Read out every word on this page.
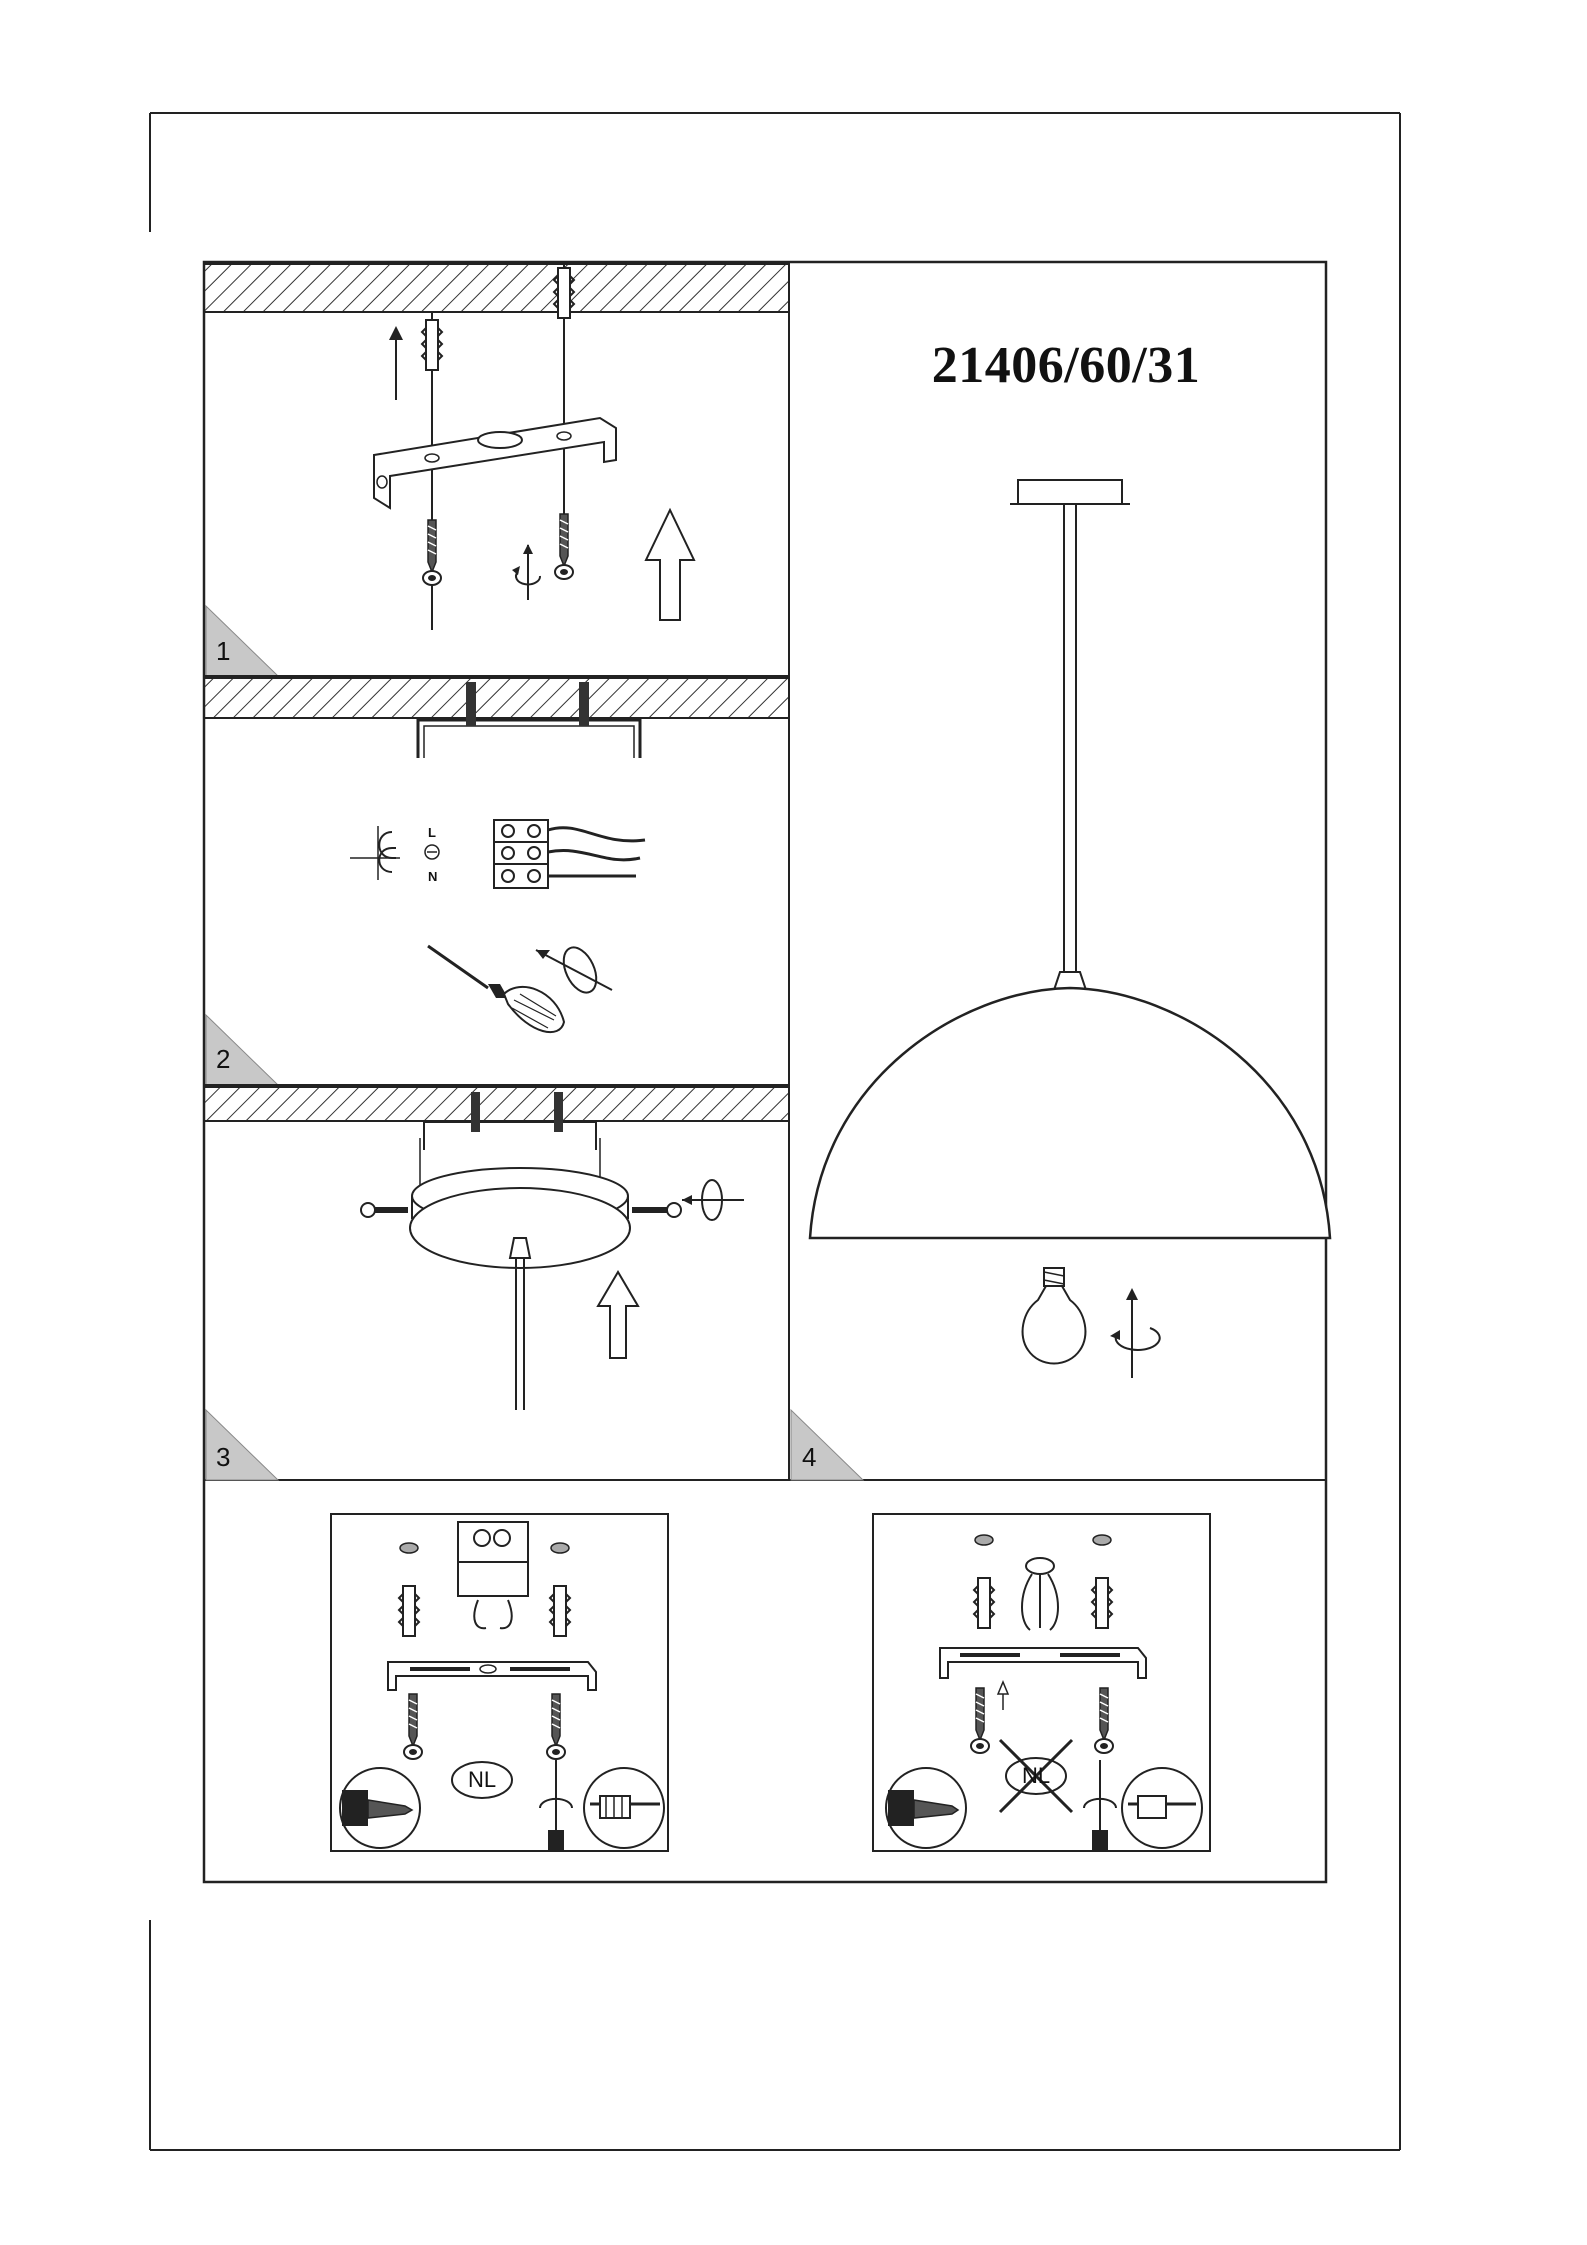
21406/60/31
1
2
3	4
L
N
NL	NL
